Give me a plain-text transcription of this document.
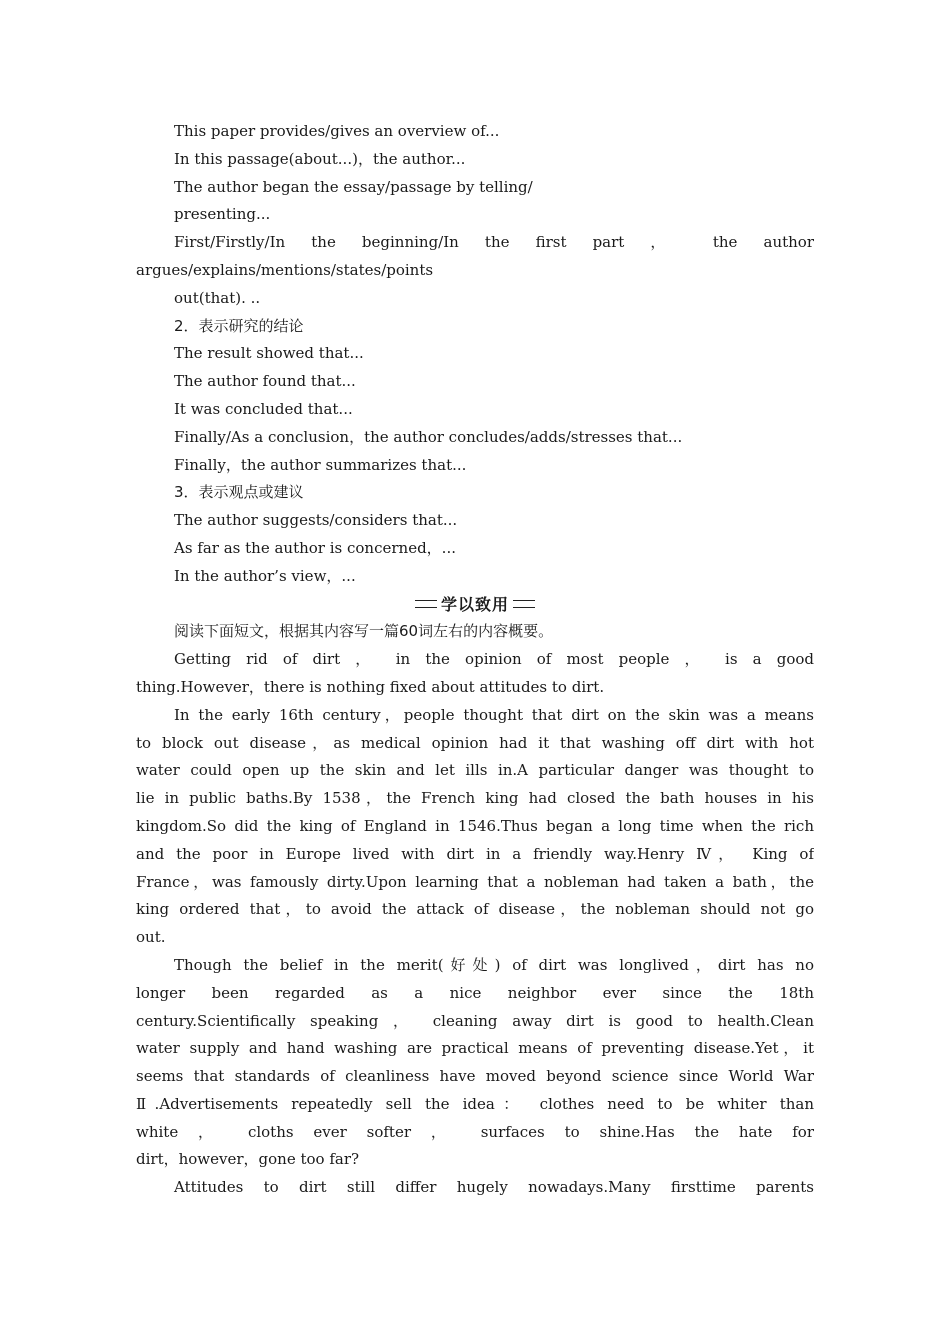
This paper provides/gives an overview of...
In this passage(about...)，the author...
The author began the essay/passage by telling/
presenting...
First/Firstly/In the beginning/In the first part ， the author
argues/explains/mentions/states/points
out(that). ..
2．表示研究的结论
The result showed that...
The author found that...
It was concluded that...
Finally/As a conclusion，the author concludes/adds/stresses that...
Finally，the author summarizes that...
3．表示观点或建议
The author suggests/considers that...
As far as the author is concerned，...
In the author’s view，...
学以致用
阅读下面短文，根据其内容写一篇60词左右的内容概要。
Getting rid of dirt ， in the opinion of most people ， is a good
thing.However，there is nothing fixed about attitudes to dirt.
In the early 16th century，people thought that dirt on the skin was a means
to block out disease，as medical opinion had it that washing off dirt with hot
water could open up the skin and let ills in.A particular danger was thought to
lie in public baths.By 1538，the French king had closed the bath houses in his
kingdom.So did the king of England in 1546.Thus began a long time when the rich
and the poor in Europe lived with dirt in a friendly way.Henry Ⅳ， King of
France，was famously dirty.Upon learning that a nobleman had taken a bath，the
king ordered that，to avoid the attack of disease，the nobleman should not go
out.
Though the belief in the merit(好处) of dirt was longlived，dirt has no
longer been regarded as a nice neighbor ever since the 18th
century.Scientifically speaking ， cleaning away dirt is good to health.Clean
water supply and hand washing are practical means of preventing disease.Yet，it
seems that standards of cleanliness have moved beyond science since World War
Ⅱ.Advertisements repeatedly sell the idea： clothes need to be whiter than
white ， cloths ever softer ， surfaces to shine.Has the hate for
dirt，however，gone too far?
Attitudes to dirt still differ hugely nowadays.Many firsttime parents
